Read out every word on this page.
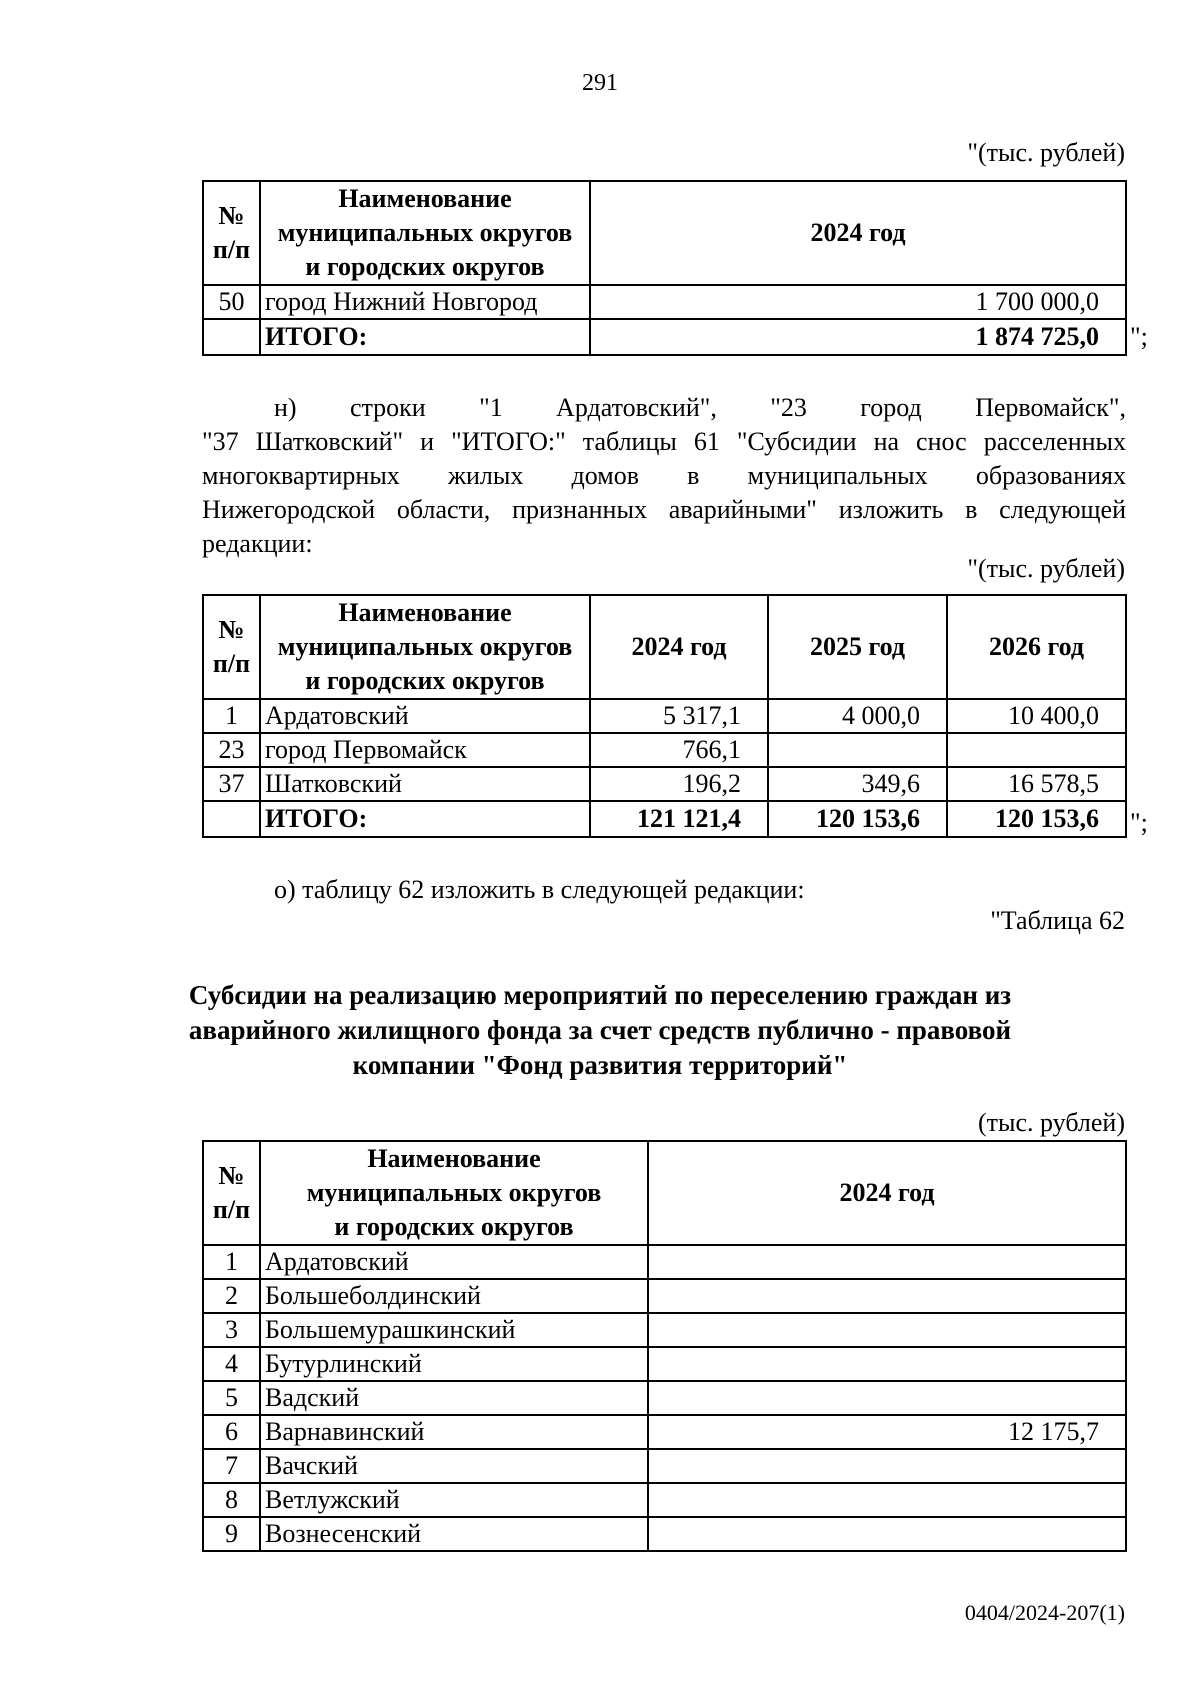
291
"(тыс. рублей)
№
п/п	Наименование
муниципальных округов
и городских округов	2024 год
50	город Нижний Новгород	1 700 000,0
	ИТОГО:	1 874 725,0 ";
н) строки "1 Ардатовский", "23 город Первомайск",
"37 Шатковский" и "ИТОГО:" таблицы 61 "Субсидии на снос расселенных
многоквартирных жилых домов в муниципальных образованиях
Нижегородской области, признанных аварийными" изложить в следующей
редакции:
"(тыс. рублей)
№
п/п	Наименование
муниципальных округов
и городских округов	2024 год	2025 год	2026 год
1	Ардатовский	5 317,1	4 000,0	10 400,0
23	город Первомайск	766,1		
37	Шатковский	196,2	349,6	16 578,5
	ИТОГО:	121 121,4	120 153,6	120 153,6 ";
о) таблицу 62 изложить в следующей редакции:
"Таблица 62
Субсидии на реализацию мероприятий по переселению граждан из
аварийного жилищного фонда за счет средств публично - правовой
компании "Фонд развития территорий"
(тыс. рублей)
№
п/п	Наименование
муниципальных округов
и городских округов	2024 год
1	Ардатовский	
2	Большеболдинский	
3	Большемурашкинский	
4	Бутурлинский	
5	Вадский	
6	Варнавинский	12 175,7
7	Вачский	
8	Ветлужский	
9	Вознесенский	
0404/2024-207(1)
